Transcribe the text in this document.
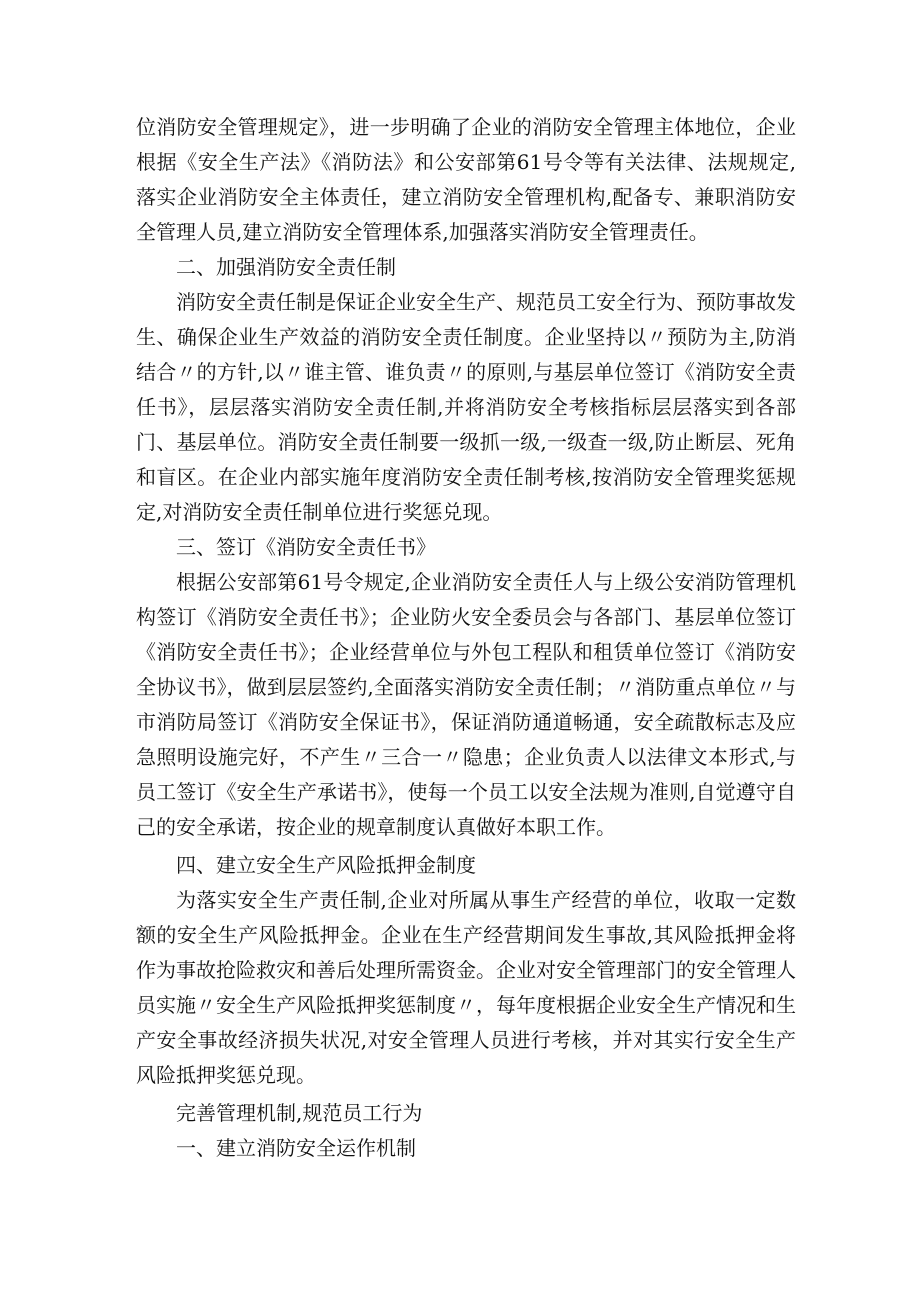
位消防安全管理规定》，进一步明确了企业的消防安全管理主体地位，企业根据《安全生产法》《消防法》和公安部第61号令等有关法律、法规规定,落实企业消防安全主体责任，建立消防安全管理机构,配备专、兼职消防安全管理人员,建立消防安全管理体系,加强落实消防安全管理责任。

二、加强消防安全责任制

消防安全责任制是保证企业安全生产、规范员工安全行为、预防事故发生、确保企业生产效益的消防安全责任制度。企业坚持以〃预防为主,防消结合〃的方针,以〃谁主管、谁负责〃的原则,与基层单位签订《消防安全责任书》，层层落实消防安全责任制,并将消防安全考核指标层层落实到各部门、基层单位。消防安全责任制要一级抓一级,一级查一级,防止断层、死角和盲区。在企业内部实施年度消防安全责任制考核,按消防安全管理奖惩规定,对消防安全责任制单位进行奖惩兑现。

三、签订《消防安全责任书》

根据公安部第61号令规定,企业消防安全责任人与上级公安消防管理机构签订《消防安全责任书》；企业防火安全委员会与各部门、基层单位签订《消防安全责任书》；企业经营单位与外包工程队和租赁单位签订《消防安全协议书》，做到层层签约,全面落实消防安全责任制；〃消防重点单位〃与市消防局签订《消防安全保证书》，保证消防通道畅通，安全疏散标志及应急照明设施完好，不产生〃三合一〃隐患；企业负责人以法律文本形式,与员工签订《安全生产承诺书》，使每一个员工以安全法规为准则,自觉遵守自己的安全承诺，按企业的规章制度认真做好本职工作。

四、建立安全生产风险抵押金制度

为落实安全生产责任制,企业对所属从事生产经营的单位，收取一定数额的安全生产风险抵押金。企业在生产经营期间发生事故,其风险抵押金将作为事故抢险救灾和善后处理所需资金。企业对安全管理部门的安全管理人员实施〃安全生产风险抵押奖惩制度〃，每年度根据企业安全生产情况和生产安全事故经济损失状况,对安全管理人员进行考核，并对其实行安全生产风险抵押奖惩兑现。

完善管理机制,规范员工行为

一、建立消防安全运作机制
